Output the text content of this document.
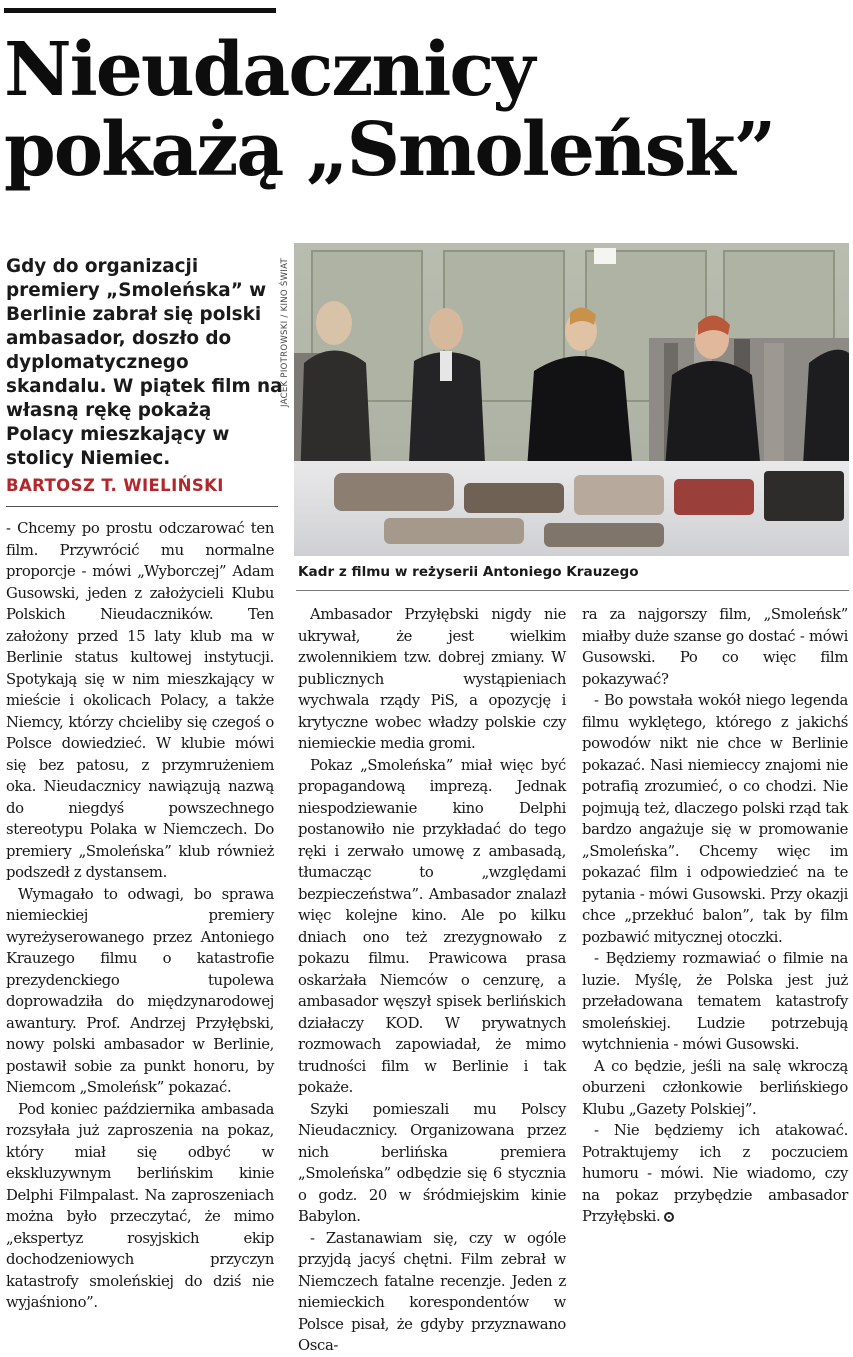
Nieudacznicy
pokażą „Smoleńsk”
Gdy do organizacji premiery „Smoleńska” w Berlinie zabrał się polski ambasador, doszło do dyplomatycznego skandalu. W piątek film na własną rękę pokażą Polacy mieszkający w stolicy Niemiec.
BARTOSZ T. WIELIŃSKI
JACEK PIOTROWSKI / KINO ŚWIAT
Kadr z filmu w reżyserii Antoniego Krauzego

- Chcemy po prostu odczarować ten film. Przywrócić mu normalne proporcje - mówi „Wyborczej” Adam Gusowski, jeden z założycieli Klubu Polskich Nieudaczników. Ten założony przed 15 laty klub ma w Berlinie status kultowej instytucji. Spotykają się w nim mieszkający w mieście i okolicach Polacy, a także Niemcy, którzy chcieliby się czegoś o Polsce dowiedzieć. W klubie mówi się bez patosu, z przymrużeniem oka. Nieudacznicy nawiązują nazwą do niegdyś powszechnego stereotypu Polaka w Niemczech. Do premiery „Smoleńska” klub również podszedł z dystansem.

Wymagało to odwagi, bo sprawa niemieckiej premiery wyreżyserowanego przez Antoniego Krauzego filmu o katastrofie prezydenckiego tupolewa doprowadziła do międzynarodowej awantury. Prof. Andrzej Przyłębski, nowy polski ambasador w Berlinie, postawił sobie za punkt honoru, by Niemcom „Smoleńsk” pokazać.

Pod koniec października ambasada rozsyłała już zaproszenia na pokaz, który miał się odbyć w ekskluzywnym berlińskim kinie Delphi Filmpalast. Na zaproszeniach można było przeczytać, że mimo „ekspertyz rosyjskich ekip dochodzeniowych przyczyn katastrofy smoleńskiej do dziś nie wyjaśniono”.

Ambasador Przyłębski nigdy nie ukrywał, że jest wielkim zwolennikiem tzw. dobrej zmiany. W publicznych wystąpieniach wychwala rządy PiS, a opozycję i krytyczne wobec władzy polskie czy niemieckie media gromi.

Pokaz „Smoleńska” miał więc być propagandową imprezą. Jednak niespodziewanie kino Delphi postanowiło nie przykładać do tego ręki i zerwało umowę z ambasadą, tłumacząc to „względami bezpieczeństwa”. Ambasador znalazł więc kolejne kino. Ale po kilku dniach ono też zrezygnowało z pokazu filmu. Prawicowa prasa oskarżała Niemców o cenzurę, a ambasador węszył spisek berlińskich działaczy KOD. W prywatnych rozmowach zapowiadał, że mimo trudności film w Berlinie i tak pokaże.

Szyki pomieszali mu Polscy Nieudacznicy. Organizowana przez nich berlińska premiera „Smoleńska” odbędzie się 6 stycznia o godz. 20 w śródmiejskim kinie Babylon.

- Zastanawiam się, czy w ogóle przyjdą jacyś chętni. Film zebrał w Niemczech fatalne recenzje. Jeden z niemieckich korespondentów w Polsce pisał, że gdyby przyznawano Osca-

ra za najgorszy film, „Smoleńsk” miałby duże szanse go dostać - mówi Gusowski. Po co więc film pokazywać?

- Bo powstała wokół niego legenda filmu wyklętego, którego z jakichś powodów nikt nie chce w Berlinie pokazać. Nasi niemieccy znajomi nie potrafią zrozumieć, o co chodzi. Nie pojmują też, dlaczego polski rząd tak bardzo angażuje się w promowanie „Smoleńska”. Chcemy więc im pokazać film i odpowiedzieć na te pytania - mówi Gusowski. Przy okazji chce „przekłuć balon”, tak by film pozbawić mitycznej otoczki.

- Będziemy rozmawiać o filmie na luzie. Myślę, że Polska jest już przeładowana tematem katastrofy smoleńskiej. Ludzie potrzebują wytchnienia - mówi Gusowski.

A co będzie, jeśli na salę wkroczą oburzeni członkowie berlińskiego Klubu „Gazety Polskiej”.

- Nie będziemy ich atakować. Potraktujemy ich z poczuciem humoru - mówi. Nie wiadomo, czy na pokaz przybędzie ambasador Przyłębski.
